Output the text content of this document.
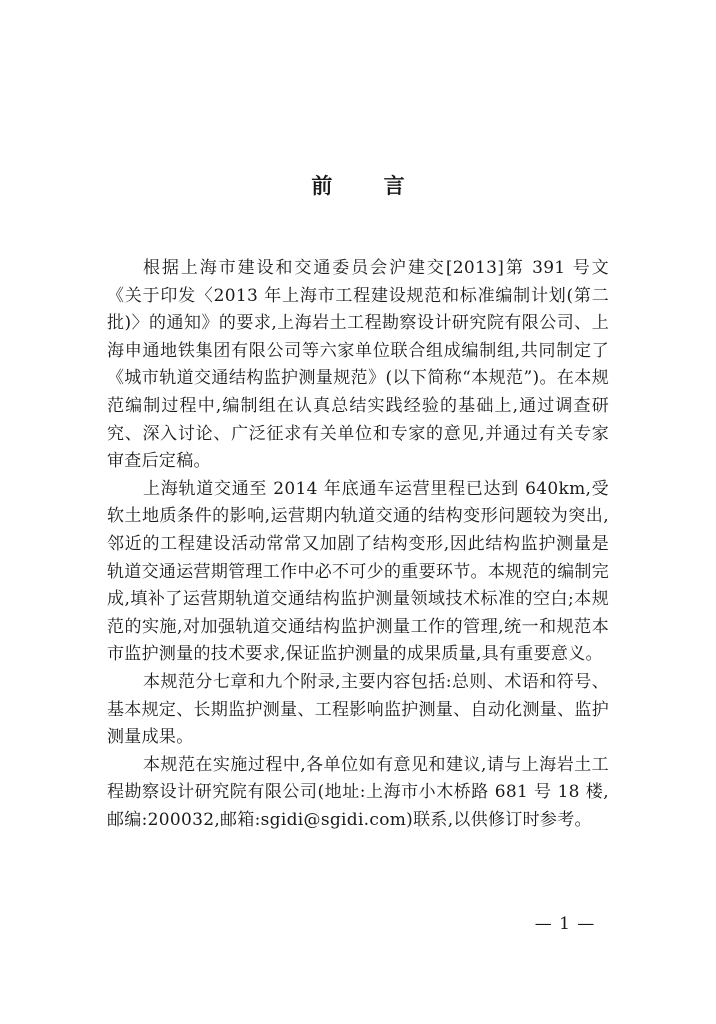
前 言

根据上海市建设和交通委员会沪建交[2013]第 391 号文《关于印发〈2013 年上海市工程建设规范和标准编制计划(第二批)〉的通知》的要求,上海岩土工程勘察设计研究院有限公司、上海申通地铁集团有限公司等六家单位联合组成编制组,共同制定了《城市轨道交通结构监护测量规范》(以下简称“本规范”)。在本规范编制过程中,编制组在认真总结实践经验的基础上,通过调查研究、深入讨论、广泛征求有关单位和专家的意见,并通过有关专家审查后定稿。

上海轨道交通至 2014 年底通车运营里程已达到 640km,受软土地质条件的影响,运营期内轨道交通的结构变形问题较为突出,邻近的工程建设活动常常又加剧了结构变形,因此结构监护测量是轨道交通运营期管理工作中必不可少的重要环节。本规范的编制完成,填补了运营期轨道交通结构监护测量领域技术标准的空白;本规范的实施,对加强轨道交通结构监护测量工作的管理,统一和规范本市监护测量的技术要求,保证监护测量的成果质量,具有重要意义。

本规范分七章和九个附录,主要内容包括:总则、术语和符号、基本规定、长期监护测量、工程影响监护测量、自动化测量、监护测量成果。

本规范在实施过程中,各单位如有意见和建议,请与上海岩土工程勘察设计研究院有限公司(地址:上海市小木桥路 681 号 18 楼,邮编:200032,邮箱:sgidi@sgidi.com)联系,以供修订时参考。

— 1 —
